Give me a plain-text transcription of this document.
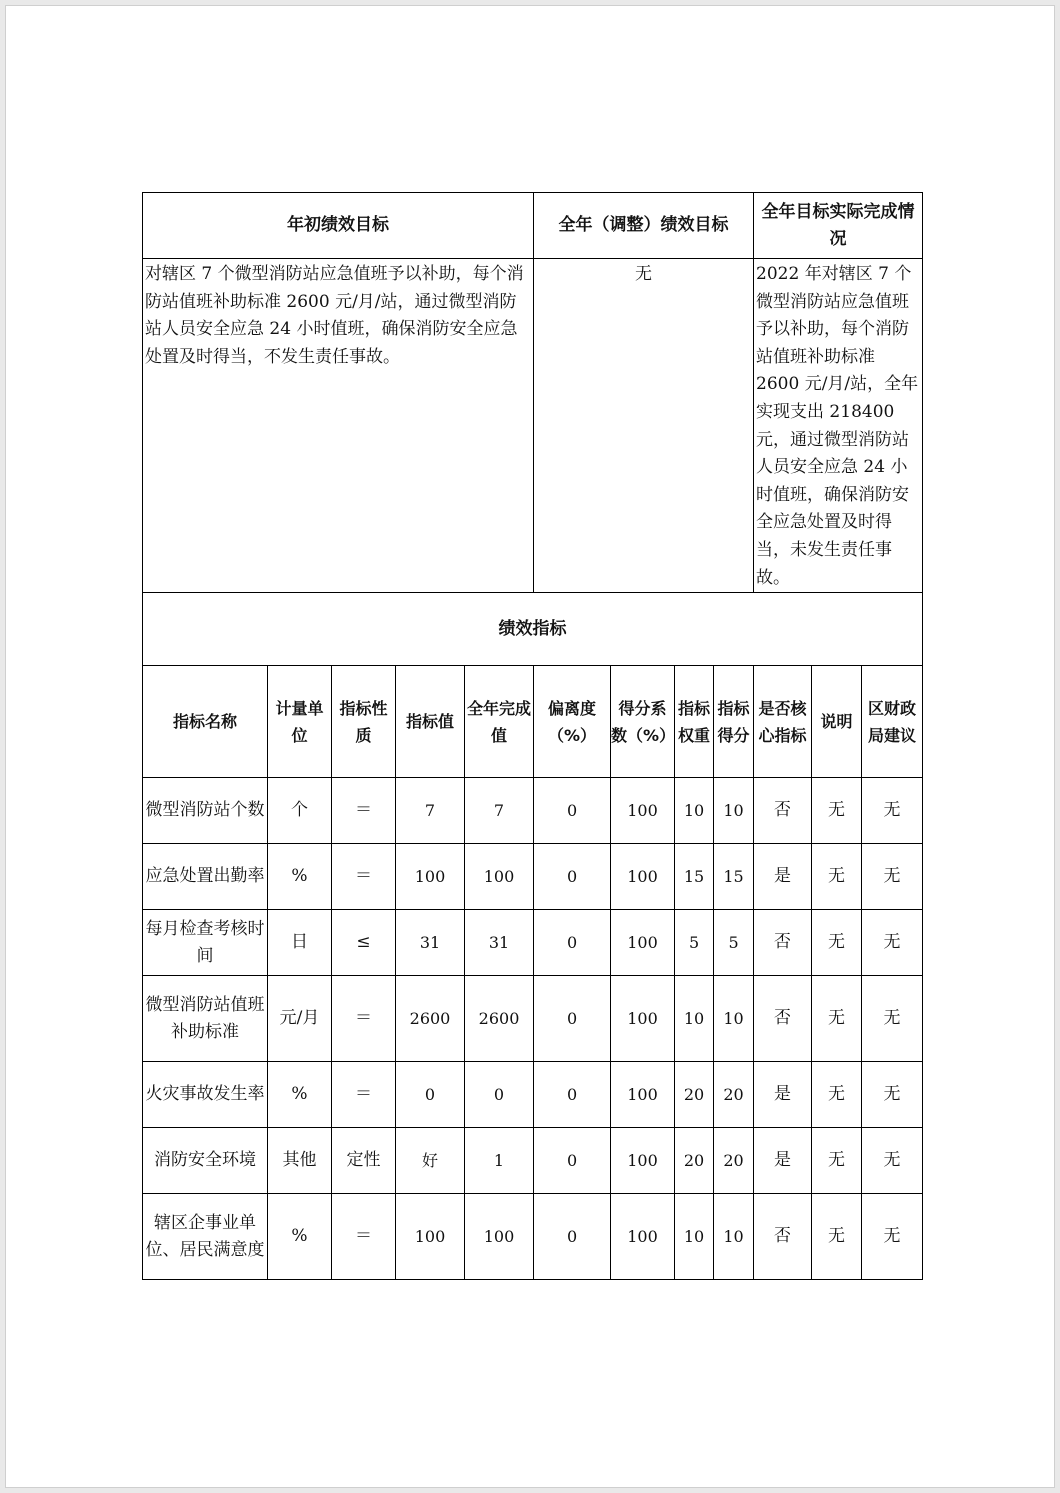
年初绩效目标					全年（调整）绩效目标				全年目标实际完成情况		
对辖区 7 个微型消防站应急值班予以补助，每个消防站值班补助标准 2600 元/月/站，通过微型消防站人员安全应急 24 小时值班，确保消防安全应急处置及时得当，不发生责任事故。					无				2022 年对辖区 7 个微型消防站应急值班予以补助，每个消防站值班补助标准 2600 元/月/站，全年实现支出 218400 元，通过微型消防站人员安全应急 24 小时值班，确保消防安全应急处置及时得当，未发生责任事故。		
绩效指标											
指标名称	计量单位	指标性质	指标值	全年完成值	偏离度（%）	得分系数（%）	指标权重	指标得分	是否核心指标	说明	区财政局建议
微型消防站个数	个	＝	7	7	0	100	10	10	否	无	无
应急处置出勤率	%	＝	100	100	0	100	15	15	是	无	无
每月检查考核时间	日	≤	31	31	0	100	5	5	否	无	无
微型消防站值班补助标准	元/月	＝	2600	2600	0	100	10	10	否	无	无
火灾事故发生率	%	＝	0	0	0	100	20	20	是	无	无
消防安全环境	其他	定性	好	1	0	100	20	20	是	无	无
辖区企事业单位、居民满意度	%	＝	100	100	0	100	10	10	否	无	无
